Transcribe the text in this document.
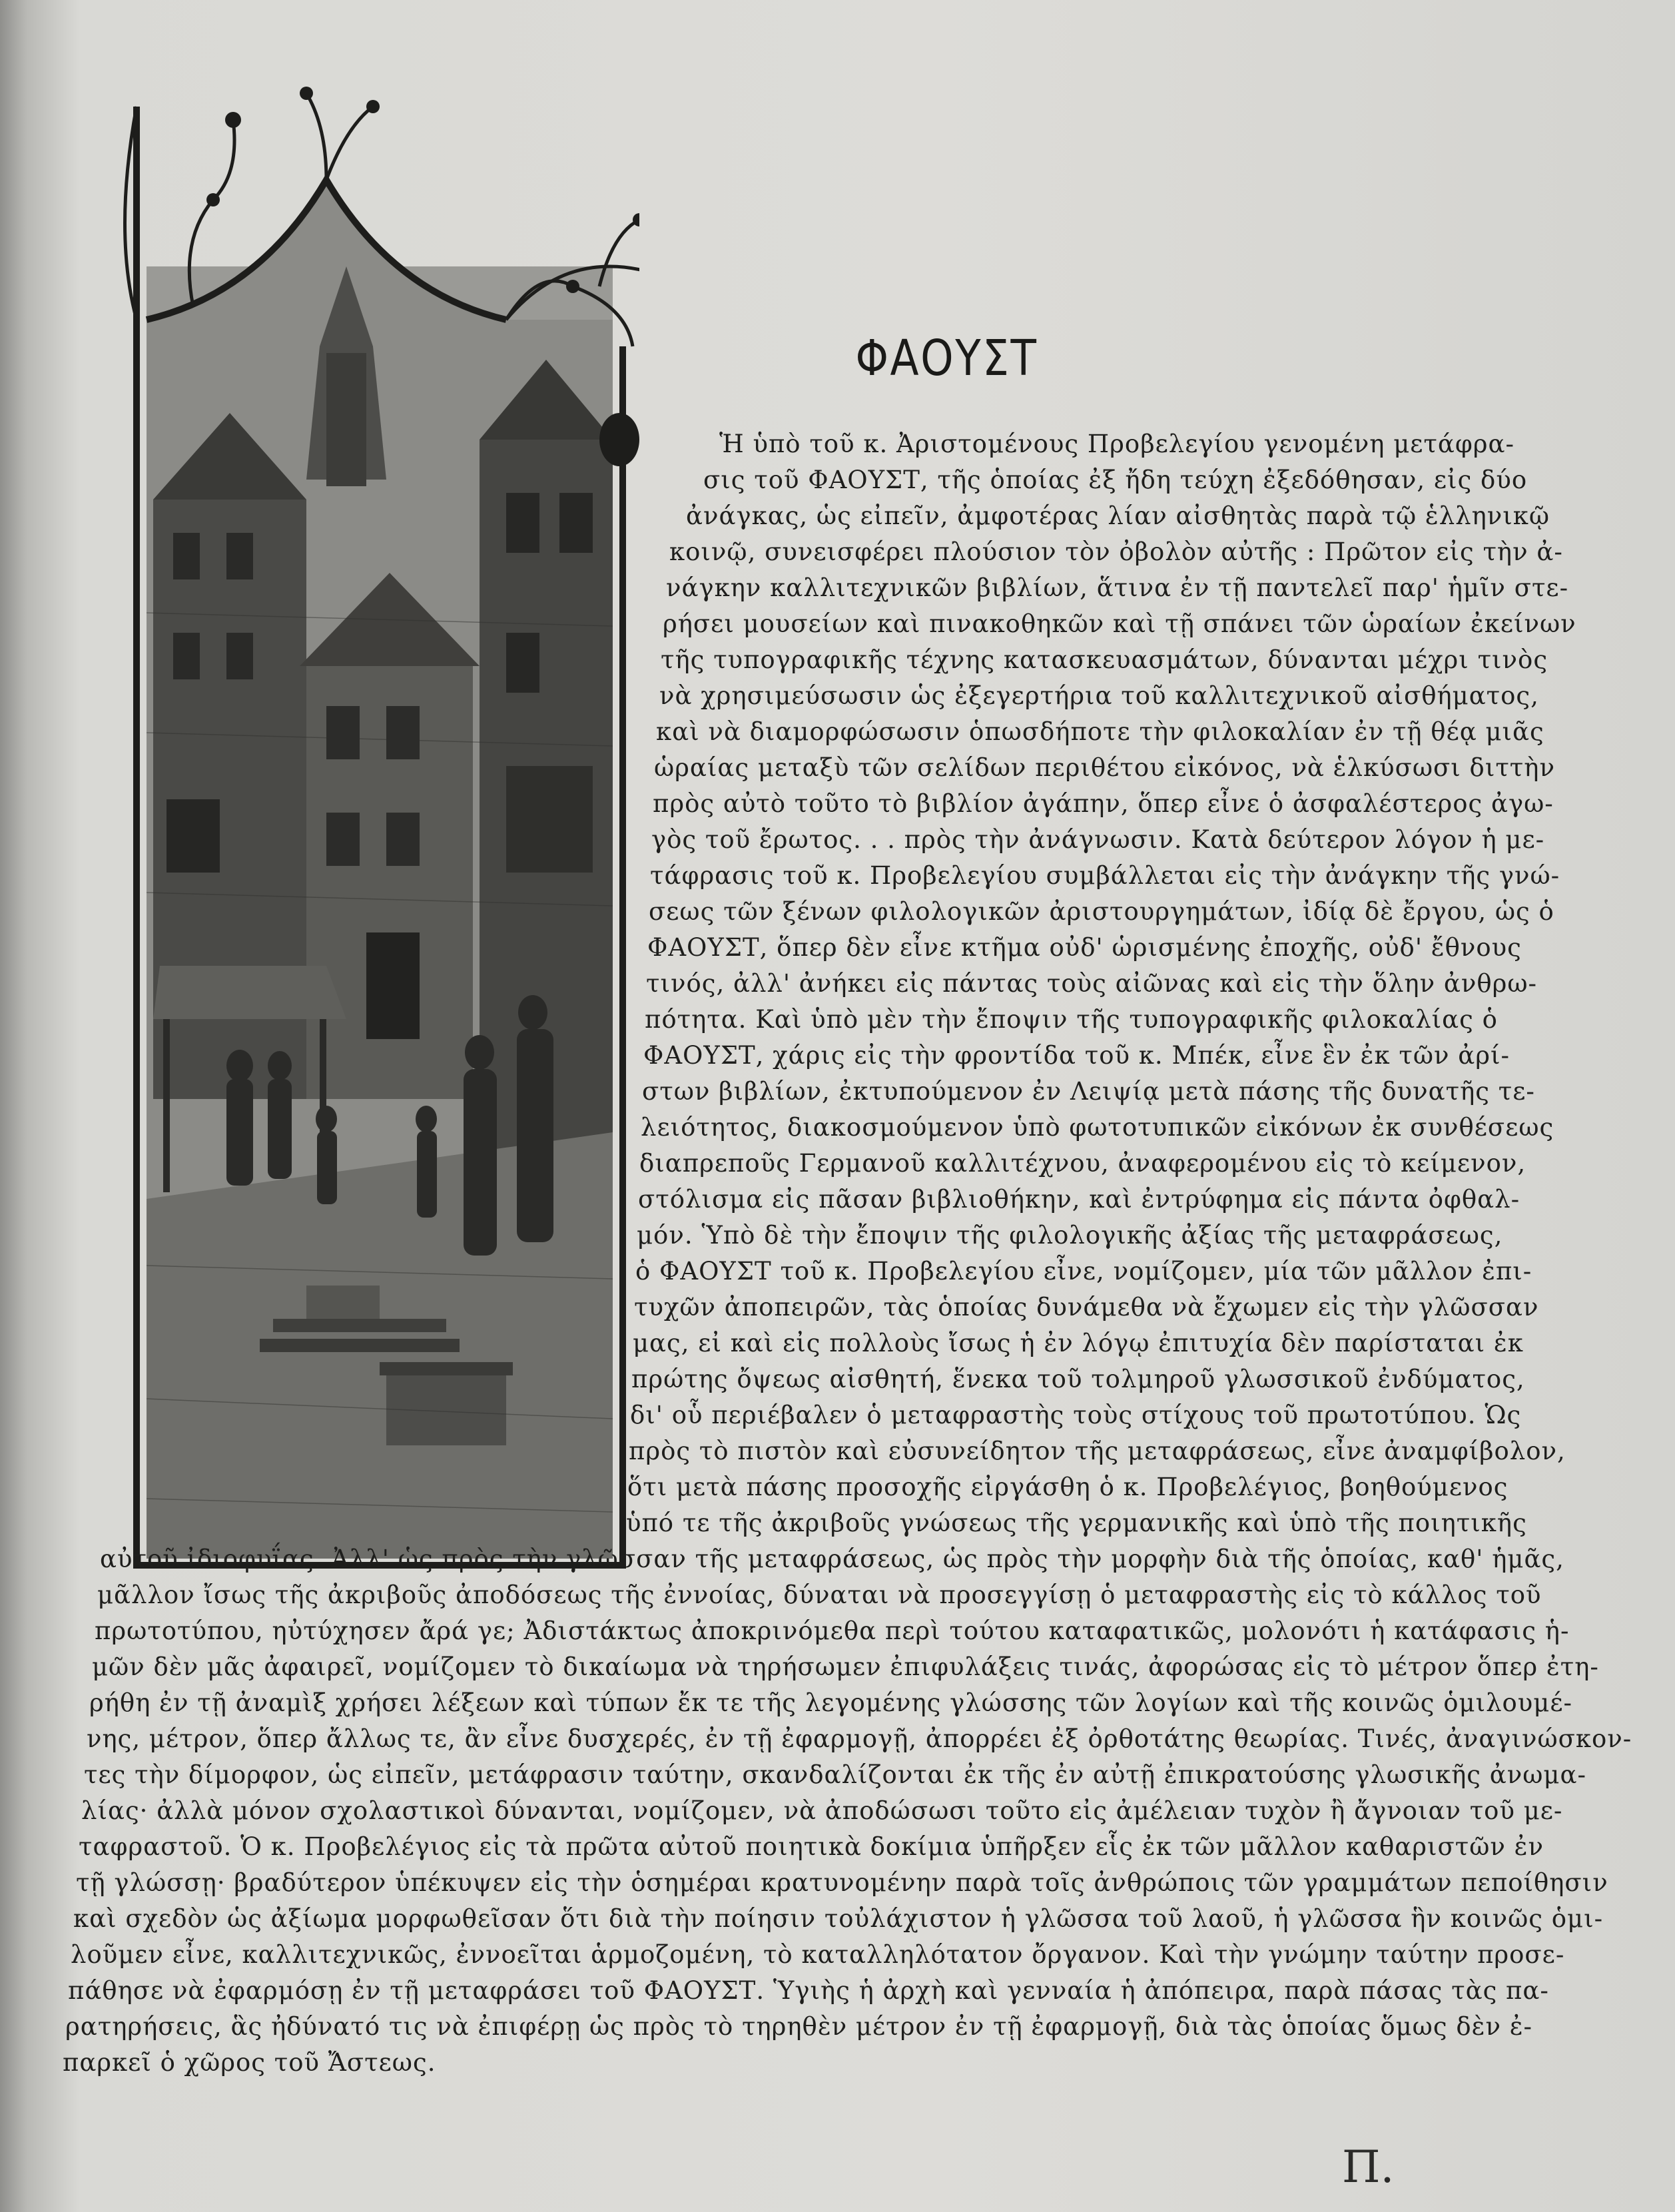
ΦΑΟΥΣΤ
Ἡ ὑπὸ τοῦ κ. Ἀριστομένους Προβελεγίου γενομένη μετάφρα-
σις τοῦ ΦΑΟΥΣΤ, τῆς ὁποίας ἐξ ἤδη τεύχη ἐξεδόθησαν, εἰς δύο
ἀνάγκας, ὡς εἰπεῖν, ἀμφοτέρας λίαν αἰσθητὰς παρὰ τῷ ἑλληνικῷ
κοινῷ, συνεισφέρει πλούσιον τὸν ὀβολὸν αὐτῆς : Πρῶτον εἰς τὴν ἀ-
νάγκην καλλιτεχνικῶν βιβλίων, ἅτινα ἐν τῇ παντελεῖ παρ' ἡμῖν στε-
ρήσει μουσείων καὶ πινακοθηκῶν καὶ τῇ σπάνει τῶν ὡραίων ἐκείνων
τῆς τυπογραφικῆς τέχνης κατασκευασμάτων, δύνανται μέχρι τινὸς
νὰ χρησιμεύσωσιν ὡς ἐξεγερτήρια τοῦ καλλιτεχνικοῦ αἰσθήματος,
καὶ νὰ διαμορφώσωσιν ὁπωσδήποτε τὴν φιλοκαλίαν ἐν τῇ θέᾳ μιᾶς
ὡραίας μεταξὺ τῶν σελίδων περιθέτου εἰκόνος, νὰ ἑλκύσωσι διττὴν
πρὸς αὐτὸ τοῦτο τὸ βιβλίον ἀγάπην, ὅπερ εἶνε ὁ ἀσφαλέστερος ἀγω-
γὸς τοῦ ἔρωτος. . . πρὸς τὴν ἀνάγνωσιν. Κατὰ δεύτερον λόγον ἡ με-
τάφρασις τοῦ κ. Προβελεγίου συμβάλλεται εἰς τὴν ἀνάγκην τῆς γνώ-
σεως τῶν ξένων φιλολογικῶν ἀριστουργημάτων, ἰδίᾳ δὲ ἔργου, ὡς ὁ
ΦΑΟΥΣΤ, ὅπερ δὲν εἶνε κτῆμα οὐδ' ὡρισμένης ἐποχῆς, οὐδ' ἔθνους
τινός, ἀλλ' ἀνήκει εἰς πάντας τοὺς αἰῶνας καὶ εἰς τὴν ὅλην ἀνθρω-
πότητα. Καὶ ὑπὸ μὲν τὴν ἔποψιν τῆς τυπογραφικῆς φιλοκαλίας ὁ
ΦΑΟΥΣΤ, χάρις εἰς τὴν φροντίδα τοῦ κ. Μπέκ, εἶνε ἓν ἐκ τῶν ἀρί-
στων βιβλίων, ἐκτυπούμενον ἐν Λειψίᾳ μετὰ πάσης τῆς δυνατῆς τε-
λειότητος, διακοσμούμενον ὑπὸ φωτοτυπικῶν εἰκόνων ἐκ συνθέσεως
διαπρεποῦς Γερμανοῦ καλλιτέχνου, ἀναφερομένου εἰς τὸ κείμενον,
στόλισμα εἰς πᾶσαν βιβλιοθήκην, καὶ ἐντρύφημα εἰς πάντα ὀφθαλ-
μόν. Ὑπὸ δὲ τὴν ἔποψιν τῆς φιλολογικῆς ἀξίας τῆς μεταφράσεως,
ὁ ΦΑΟΥΣΤ τοῦ κ. Προβελεγίου εἶνε, νομίζομεν, μία τῶν μᾶλλον ἐπι-
τυχῶν ἀποπειρῶν, τὰς ὁποίας δυνάμεθα νὰ ἔχωμεν εἰς τὴν γλῶσσαν
μας, εἰ καὶ εἰς πολλοὺς ἴσως ἡ ἐν λόγῳ ἐπιτυχία δὲν παρίσταται ἐκ
πρώτης ὄψεως αἰσθητή, ἕνεκα τοῦ τολμηροῦ γλωσσικοῦ ἐνδύματος,
δι' οὗ περιέβαλεν ὁ μεταφραστὴς τοὺς στίχους τοῦ πρωτοτύπου. Ὡς
πρὸς τὸ πιστὸν καὶ εὐσυνείδητον τῆς μεταφράσεως, εἶνε ἀναμφίβολον,
ὅτι μετὰ πάσης προσοχῆς εἰργάσθη ὁ κ. Προβελέγιος, βοηθούμενος
ὑπό τε τῆς ἀκριβοῦς γνώσεως τῆς γερμανικῆς καὶ ὑπὸ τῆς ποιητικῆς
αὐτοῦ ἰδιοφυΐας. Ἀλλ' ὡς πρὸς τὴν γλῶσσαν τῆς μεταφράσεως, ὡς πρὸς τὴν μορφὴν διὰ τῆς ὁποίας, καθ' ἡμᾶς,
μᾶλλον ἴσως τῆς ἀκριβοῦς ἀποδόσεως τῆς ἐννοίας, δύναται νὰ προσεγγίσῃ ὁ μεταφραστὴς εἰς τὸ κάλλος τοῦ
πρωτοτύπου, ηὐτύχησεν ἄρά γε; Ἀδιστάκτως ἀποκρινόμεθα περὶ τούτου καταφατικῶς, μολονότι ἡ κατάφασις ἡ-
μῶν δὲν μᾶς ἀφαιρεῖ, νομίζομεν τὸ δικαίωμα νὰ τηρήσωμεν ἐπιφυλάξεις τινάς, ἀφορώσας εἰς τὸ μέτρον ὅπερ ἐτη-
ρήθη ἐν τῇ ἀναμὶξ χρήσει λέξεων καὶ τύπων ἔκ τε τῆς λεγομένης γλώσσης τῶν λογίων καὶ τῆς κοινῶς ὁμιλουμέ-
νης, μέτρον, ὅπερ ἄλλως τε, ἂν εἶνε δυσχερές, ἐν τῇ ἐφαρμογῇ, ἀπορρέει ἐξ ὀρθοτάτης θεωρίας. Τινές, ἀναγινώσκον-
τες τὴν δίμορφον, ὡς εἰπεῖν, μετάφρασιν ταύτην, σκανδαλίζονται ἐκ τῆς ἐν αὐτῇ ἐπικρατούσης γλωσικῆς ἀνωμα-
λίας· ἀλλὰ μόνον σχολαστικοὶ δύνανται, νομίζομεν, νὰ ἀποδώσωσι τοῦτο εἰς ἀμέλειαν τυχὸν ἢ ἄγνοιαν τοῦ με-
ταφραστοῦ. Ὁ κ. Προβελέγιος εἰς τὰ πρῶτα αὐτοῦ ποιητικὰ δοκίμια ὑπῆρξεν εἷς ἐκ τῶν μᾶλλον καθαριστῶν ἐν
τῇ γλώσσῃ· βραδύτερον ὑπέκυψεν εἰς τὴν ὁσημέραι κρατυνομένην παρὰ τοῖς ἀνθρώποις τῶν γραμμάτων πεποίθησιν
καὶ σχεδὸν ὡς ἀξίωμα μορφωθεῖσαν ὅτι διὰ τὴν ποίησιν τοὐλάχιστον ἡ γλῶσσα τοῦ λαοῦ, ἡ γλῶσσα ἣν κοινῶς ὁμι-
λοῦμεν εἶνε, καλλιτεχνικῶς, ἐννοεῖται ἁρμοζομένη, τὸ καταλληλότατον ὄργανον. Καὶ τὴν γνώμην ταύτην προσε-
πάθησε νὰ ἐφαρμόσῃ ἐν τῇ μεταφράσει τοῦ ΦΑΟΥΣΤ. Ὑγιὴς ἡ ἀρχὴ καὶ γενναία ἡ ἀπόπειρα, παρὰ πάσας τὰς πα-
ρατηρήσεις, ἃς ἠδύνατό τις νὰ ἐπιφέρῃ ὡς πρὸς τὸ τηρηθὲν μέτρον ἐν τῇ ἐφαρμογῇ, διὰ τὰς ὁποίας ὅμως δὲν ἐ-
παρκεῖ ὁ χῶρος τοῦ Ἄστεως.
Π.
